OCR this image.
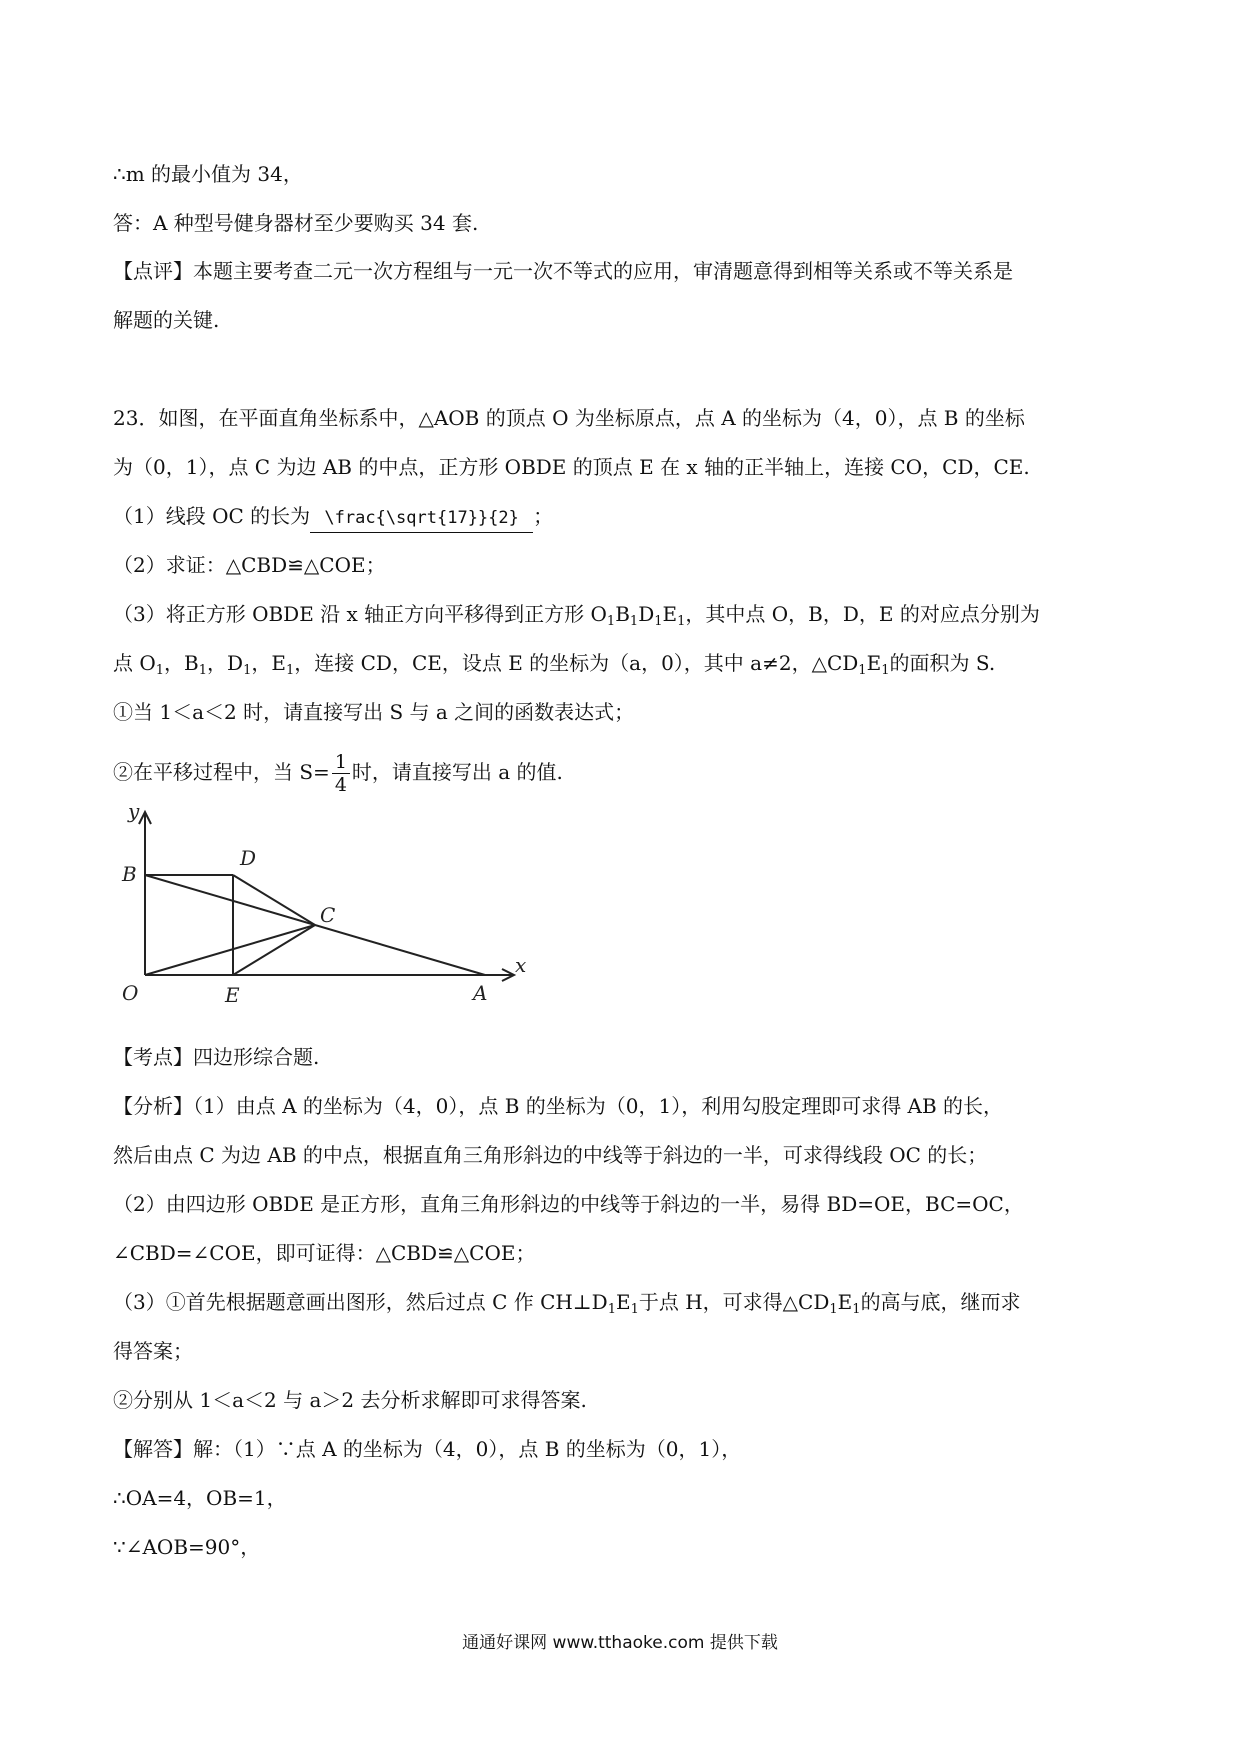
∴m 的最小值为 34，
答：A 种型号健身器材至少要购买 34 套.
【点评】本题主要考查二元一次方程组与一元一次不等式的应用，审清题意得到相等关系或不等关系是
解题的关键.
23．如图，在平面直角坐标系中，△AOB 的顶点 O 为坐标原点，点 A 的坐标为（4，0），点 B 的坐标
为（0，1），点 C 为边 AB 的中点，正方形 OBDE 的顶点 E 在 x 轴的正半轴上，连接 CO，CD，CE.
（1）线段 OC 的长为 \frac{\sqrt{17}}{2} ；
（2）求证：△CBD≌△COE；
（3）将正方形 OBDE 沿 x 轴正方向平移得到正方形 $O_1B_1D_1E_1$，其中点 O，B，D，E 的对应点分别为
点 $O_1$，$B_1$，$D_1$，$E_1$，连接 CD，CE，设点 E 的坐标为（a，0），其中 a≠2，$\triangle CD_1E_1$的面积为 S.
①当 1＜a＜2 时，请直接写出 S 与 a 之间的函数表达式；
②在平移过程中，当 $S= \frac{1}{4}$ 时，请直接写出 a 的值.
y
x
B
D
C
O	E	A
【考点】四边形综合题.
【分析】（1）由点 A 的坐标为（4，0），点 B 的坐标为（0，1），利用勾股定理即可求得 AB 的长，
然后由点 C 为边 AB 的中点，根据直角三角形斜边的中线等于斜边的一半，可求得线段 OC 的长；
（2）由四边形 OBDE 是正方形，直角三角形斜边的中线等于斜边的一半，易得 BD=OE，BC=OC，
∠CBD=∠COE，即可证得：△CBD≌△COE；
（3）①首先根据题意画出图形，然后过点 C 作 $CH\perp D_1E_1$于点 H，可求得$\triangle CD_1E_1$的高与底，继而求
得答案；
②分别从 1＜a＜2 与 a＞2 去分析求解即可求得答案.
【解答】解：（1）∵点 A 的坐标为（4，0），点 B 的坐标为（0，1），
∴OA=4，OB=1，
∵∠AOB=90°，
通通好课网 www.tthaoke.com 提供下载
